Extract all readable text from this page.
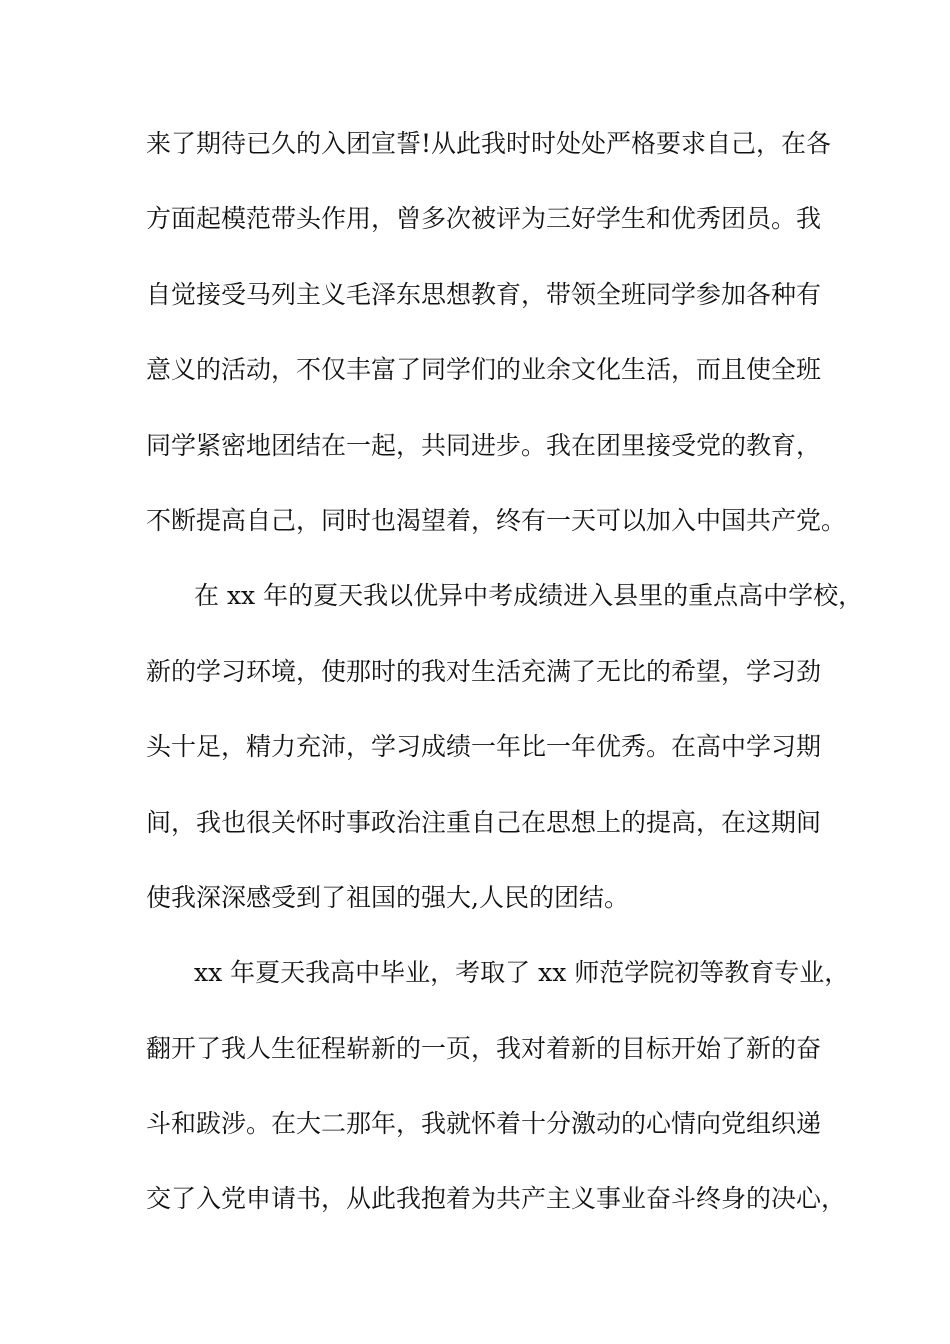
来了期待已久的入团宣誓!从此我时时处处严格要求自己，在各
方面起模范带头作用，曾多次被评为三好学生和优秀团员。我
自觉接受马列主义毛泽东思想教育，带领全班同学参加各种有
意义的活动，不仅丰富了同学们的业余文化生活，而且使全班
同学紧密地团结在一起，共同进步。我在团里接受党的教育，
不断提高自己，同时也渴望着，终有一天可以加入中国共产党。
在 xx 年的夏天我以优异中考成绩进入县里的重点高中学校，
新的学习环境，使那时的我对生活充满了无比的希望，学习劲
头十足，精力充沛，学习成绩一年比一年优秀。在高中学习期
间，我也很关怀时事政治注重自己在思想上的提高，在这期间
使我深深感受到了祖国的强大,人民的团结。
xx 年夏天我高中毕业，考取了 xx 师范学院初等教育专业，
翻开了我人生征程崭新的一页，我对着新的目标开始了新的奋
斗和跋涉。在大二那年，我就怀着十分激动的心情向党组织递
交了入党申请书，从此我抱着为共产主义事业奋斗终身的决心，
